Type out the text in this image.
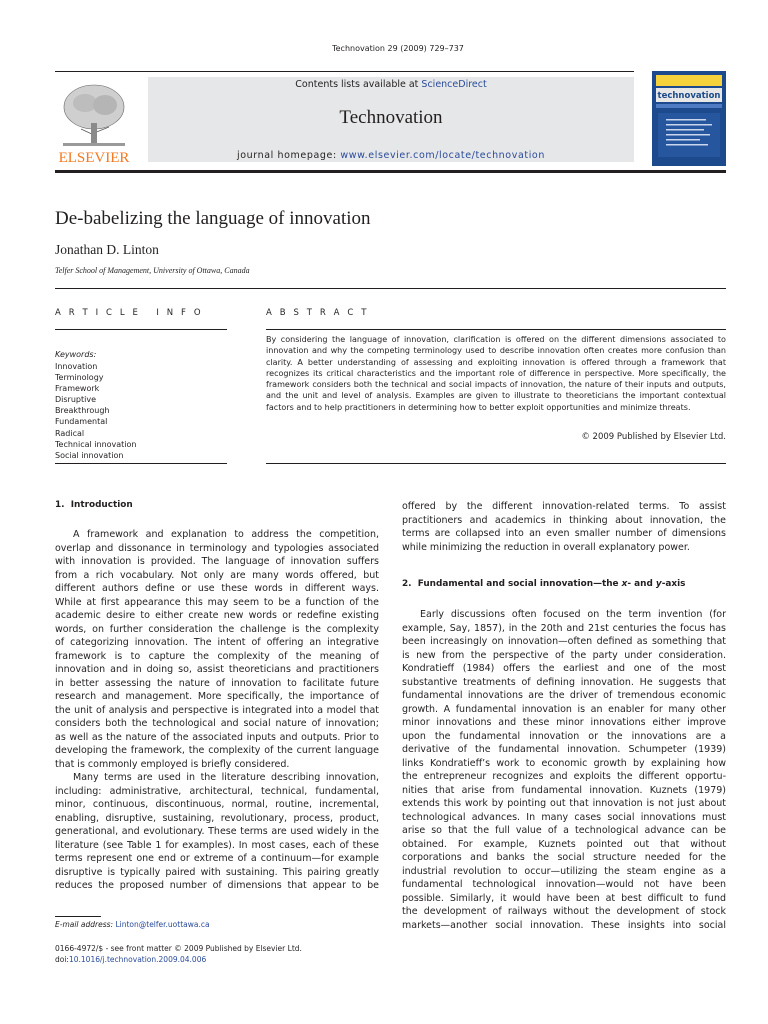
Technovation 29 (2009) 729–737
ELSEVIER
Contents lists available at ScienceDirect
Technovation
journal homepage: www.elsevier.com/locate/technovation
technovation
De-babelizing the language of innovation
Jonathan D. Linton
Telfer School of Management, University of Ottawa, Canada
A R T I C L E   I N F O
Keywords:
Innovation
Terminology
Framework
Disruptive
Breakthrough
Fundamental
Radical
Technical innovation
Social innovation
A B S T R A C T
By considering the language of innovation, clarification is offered on the different dimensions associated to innovation and why the competing terminology used to describe innovation often creates more confusion than clarity. A better understanding of assessing and exploiting innovation is offered through a framework that recognizes its critical characteristics and the important role of difference in perspective. More specifically, the framework considers both the technical and social impacts of innovation, the nature of their inputs and outputs, and the unit and level of analysis. Examples are given to illustrate to theoreticians the important contextual factors and to help practitioners in determining how to better exploit opportunities and minimize threats.
© 2009 Published by Elsevier Ltd.
1.  Introduction
A framework and explanation to address the competition,
overlap and dissonance in terminology and typologies associated
with innovation is provided. The language of innovation suffers
from a rich vocabulary. Not only are many words offered, but
different authors define or use these words in different ways.
While at first appearance this may seem to be a function of the
academic desire to either create new words or redefine existing
words, on further consideration the challenge is the complexity
of categorizing innovation. The intent of offering an integrative
framework is to capture the complexity of the meaning of
innovation and in doing so, assist theoreticians and practitioners
in better assessing the nature of innovation to facilitate future
research and management. More specifically, the importance of
the unit of analysis and perspective is integrated into a model that
considers both the technological and social nature of innovation;
as well as the nature of the associated inputs and outputs. Prior to
developing the framework, the complexity of the current language
that is commonly employed is briefly considered.
Many terms are used in the literature describing innovation,
including: administrative, architectural, technical, fundamental,
minor, continuous, discontinuous, normal, routine, incremental,
enabling, disruptive, sustaining, revolutionary, process, product,
generational, and evolutionary. These terms are used widely in the
literature (see Table 1 for examples). In most cases, each of these
terms represent one end or extreme of a continuum—for example
disruptive is typically paired with sustaining. This pairing greatly
reduces the proposed number of dimensions that appear to be
offered by the different innovation-related terms. To assist
practitioners and academics in thinking about innovation, the
terms are collapsed into an even smaller number of dimensions
while minimizing the reduction in overall explanatory power.
2.  Fundamental and social innovation—the x- and y-axis
Early discussions often focused on the term invention (for
example, Say, 1857), in the 20th and 21st centuries the focus has
been increasingly on innovation—often defined as something that
is new from the perspective of the party under consideration.
Kondratieff (1984) offers the earliest and one of the most
substantive treatments of defining innovation. He suggests that
fundamental innovations are the driver of tremendous economic
growth. A fundamental innovation is an enabler for many other
minor innovations and these minor innovations either improve
upon the fundamental innovation or the innovations are a
derivative of the fundamental innovation. Schumpeter (1939)
links Kondratieff’s work to economic growth by explaining how
the entrepreneur recognizes and exploits the different opportu-
nities that arise from fundamental innovation. Kuznets (1979)
extends this work by pointing out that innovation is not just about
technological advances. In many cases social innovations must
arise so that the full value of a technological advance can be
obtained. For example, Kuznets pointed out that without
corporations and banks the social structure needed for the
industrial revolution to occur—utilizing the steam engine as a
fundamental technological innovation—would not have been
possible. Similarly, it would have been at best difficult to fund
the development of railways without the development of stock
markets—another social innovation. These insights into social
E-mail address: Linton@telfer.uottawa.ca
0166-4972/$ - see front matter © 2009 Published by Elsevier Ltd.
doi:10.1016/j.technovation.2009.04.006
